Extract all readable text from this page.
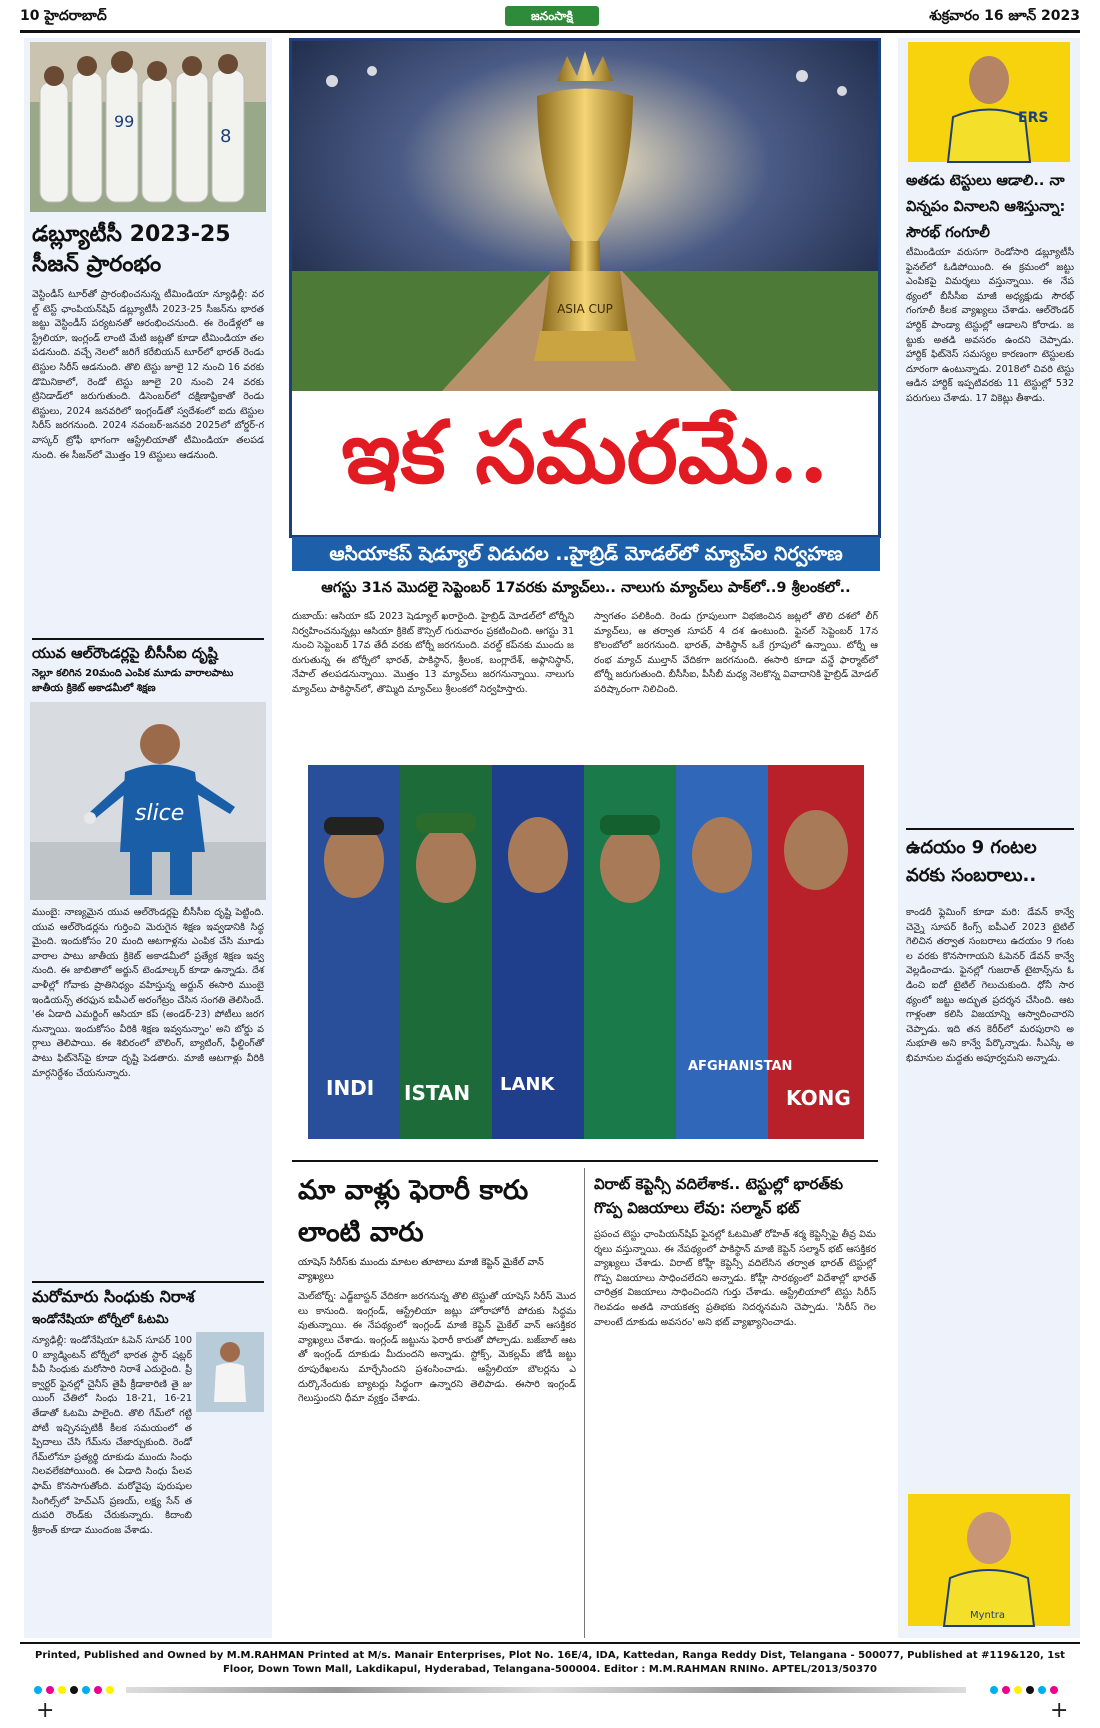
10 హైదరాబాద్	జనంసాక్షి	శుక్రవారం 16 జూన్ 2023
99
8
డబ్ల్యూటీసీ 2023-25 సీజన్ ప్రారంభం
వెస్టిండీస్ టూర్‌తో ప్రారంభించనున్న టీమిండియా న్యూఢిల్లీ: వరల్డ్ టెస్ట్ ఛాంపియన్‌షిప్ డబ్ల్యూటీసీ 2023-25 సీజన్‌ను భారత జట్టు వెస్టిండీస్ పర్యటనతో ఆరంభించనుంది. ఈ రెండేళ్లలో ఆస్ట్రేలియా, ఇంగ్లండ్ లాంటి మేటి జట్లతో కూడా టీమిండియా తలపడనుంది. వచ్చే నెలలో జరిగే కరేబియన్ టూర్‌లో భారత్ రెండు టెస్టుల సిరీస్ ఆడనుంది. తొలి టెస్టు జూలై 12 నుంచి 16 వరకు డొమినికాలో, రెండో టెస్టు జూలై 20 నుంచి 24 వరకు ట్రినిడాడ్‌లో జరుగుతుంది. డిసెంబర్‌లో దక్షిణాఫ్రికాతో రెండు టెస్టులు, 2024 జనవరిలో ఇంగ్లండ్‌తో స్వదేశంలో ఐదు టెస్టుల సిరీస్ జరగనుంది. 2024 నవంబర్-జనవరి 2025లో బోర్డర్-గవాస్కర్ ట్రోఫీ భాగంగా ఆస్ట్రేలియాతో టీమిండియా తలపడనుంది. ఈ సీజన్‌లో మొత్తం 19 టెస్టులు ఆడనుంది.
యువ ఆల్‌రౌండర్లపై బీసీసీఐ దృష్టి
నెల్లూ కలిగిన 20మంది ఎంపిక మూడు వారాలపాటు జాతీయ క్రికెట్ అకాడమీలో శిక్షణ
slice
ముంబై: నాణ్యమైన యువ ఆల్‌రౌండర్లపై బీసీసీఐ దృష్టి పెట్టింది. యువ ఆల్‌రౌండర్లను గుర్తించి మెరుగైన శిక్షణ ఇవ్వడానికి సిద్ధమైంది. ఇందుకోసం 20 మంది ఆటగాళ్లను ఎంపిక చేసి మూడు వారాల పాటు జాతీయ క్రికెట్ అకాడమీలో ప్రత్యేక శిక్షణ ఇవ్వనుంది. ఈ జాబితాలో అర్జున్ టెండూల్కర్ కూడా ఉన్నాడు. దేశవాళీల్లో గోవాకు ప్రాతినిధ్యం వహిస్తున్న అర్జున్ ఈసారి ముంబై ఇండియన్స్ తరఫున ఐపీఎల్ అరంగేట్రం చేసిన సంగతి తెలిసిందే. 'ఈ ఏడాది ఎమర్జింగ్ ఆసియా కప్ (అండర్-23) పోటీలు జరగనున్నాయి. ఇందుకోసం వీరికి శిక్షణ ఇవ్వనున్నాం' అని బోర్డు వర్గాలు తెలిపాయి. ఈ శిబిరంలో బౌలింగ్, బ్యాటింగ్, ఫీల్డింగ్‌తో పాటు ఫిట్‌నెస్‌పై కూడా దృష్టి పెడతారు. మాజీ ఆటగాళ్లు వీరికి మార్గనిర్దేశం చేయనున్నారు.
మరోమారు సింధుకు నిరాశ
ఇండోనేషియా టోర్నీలో ఓటమి
న్యూఢిల్లీ: ఇండోనేషియా ఓపెన్ సూపర్ 1000 బ్యాడ్మింటన్ టోర్నీలో భారత స్టార్ షట్లర్ పీవీ సింధుకు మరోసారి నిరాశే ఎదురైంది. ప్రీ క్వార్టర్ ఫైనల్లో చైనీస్ తైపీ క్రీడాకారిణి తై జు యింగ్ చేతిలో సింధు 18-21, 16-21 తేడాతో ఓటమి పాలైంది. తొలి గేమ్‌లో గట్టి పోటీ ఇచ్చినప్పటికీ కీలక సమయంలో తప్పిదాలు చేసి గేమ్‌ను చేజార్చుకుంది. రెండో గేమ్‌లోనూ ప్రత్యర్థి దూకుడు ముందు సింధు నిలవలేకపోయింది. ఈ ఏడాది సింధు పేలవ ఫామ్ కొనసాగుతోంది. మరోవైపు పురుషుల సింగిల్స్‌లో హెచ్‌ఎస్ ప్రణయ్, లక్ష్య సేన్ తదుపరి రౌండ్‌కు చేరుకున్నారు. కిదాంబి శ్రీకాంత్ కూడా ముందంజ వేశాడు.
ASIA CUP
ఇక సమరమే..
ఆసియాకప్ షెడ్యూల్ విడుదల ..హైబ్రిడ్ మోడల్‌లో మ్యాచ్‌ల నిర్వహణ
ఆగస్టు 31న మొదలై సెప్టెంబర్ 17వరకు మ్యాచ్‌లు.. నాలుగు మ్యాచ్‌లు పాక్‌లో..9 శ్రీలంకలో..
దుబాయ్: ఆసియా కప్ 2023 షెడ్యూల్ ఖరారైంది. హైబ్రిడ్ మోడల్‌లో టోర్నీని నిర్వహించనున్నట్లు ఆసియా క్రికెట్ కౌన్సిల్ గురువారం ప్రకటించింది. ఆగస్టు 31 నుంచి సెప్టెంబర్ 17వ తేదీ వరకు టోర్నీ జరగనుంది. వరల్డ్ కప్‌నకు ముందు జరుగుతున్న ఈ టోర్నీలో భారత్, పాకిస్థాన్, శ్రీలంక, బంగ్లాదేశ్, అఫ్గానిస్థాన్, నేపాల్ తలపడనున్నాయి. మొత్తం 13 మ్యాచ్‌లు జరగనున్నాయి. నాలుగు మ్యాచ్‌లు పాకిస్థాన్‌లో, తొమ్మిది మ్యాచ్‌లు శ్రీలంకలో నిర్వహిస్తారు.
స్వాగతం పలికింది. రెండు గ్రూపులుగా విభజించిన జట్లలో తొలి దశలో లీగ్ మ్యాచ్‌లు, ఆ తర్వాత సూపర్ 4 దశ ఉంటుంది. ఫైనల్ సెప్టెంబర్ 17న కొలంబోలో జరగనుంది. భారత్, పాకిస్థాన్ ఒకే గ్రూపులో ఉన్నాయి. టోర్నీ ఆరంభ మ్యాచ్ ముల్తాన్ వేదికగా జరగనుంది. ఈసారి కూడా వన్డే ఫార్మాట్‌లో టోర్నీ జరుగుతుంది. బీసీసీఐ, పీసీబీ మధ్య నెలకొన్న వివాదానికి హైబ్రిడ్ మోడల్ పరిష్కారంగా నిలిచింది.
INDI ISTAN LANK
AFGHANISTAN
KONG
మా వాళ్లు ఫెరారీ కారు లాంటి వారు
యాషెస్ సిరీస్‌కు ముందు మాటల తూటాలు మాజీ కెప్టెన్ మైకేల్ వాన్ వ్యాఖ్యలు
మెల్‌బోర్న్: ఎడ్జ్‌బాస్టన్ వేదికగా జరగనున్న తొలి టెస్టుతో యాషెస్ సిరీస్ మొదలు కానుంది. ఇంగ్లండ్, ఆస్ట్రేలియా జట్లు హోరాహోరీ పోరుకు సిద్ధమవుతున్నాయి. ఈ నేపథ్యంలో ఇంగ్లండ్ మాజీ కెప్టెన్ మైకేల్ వాన్ ఆసక్తికర వ్యాఖ్యలు చేశాడు. ఇంగ్లండ్ జట్టును ఫెరారీ కారుతో పోల్చాడు. బజ్‌బాల్ ఆటతో ఇంగ్లండ్ దూకుడు మీదుందని అన్నాడు. స్టోక్స్, మెకల్లమ్ జోడీ జట్టు రూపురేఖలను మార్చేసిందని ప్రశంసించాడు. ఆస్ట్రేలియా బౌలర్లను ఎదుర్కొనేందుకు బ్యాటర్లు సిద్ధంగా ఉన్నారని తెలిపాడు. ఈసారి ఇంగ్లండ్ గెలుస్తుందని ధీమా వ్యక్తం చేశాడు.
విరాట్ కెప్టెన్సీ వదిలేశాక.. టెస్టుల్లో భారత్‌కు గొప్ప విజయాలు లేవు: సల్మాన్ భట్
ప్రపంచ టెస్టు ఛాంపియన్‌షిప్ ఫైనల్లో ఓటమితో రోహిత్ శర్మ కెప్టెన్సీపై తీవ్ర విమర్శలు వస్తున్నాయి. ఈ నేపథ్యంలో పాకిస్థాన్ మాజీ కెప్టెన్ సల్మాన్ భట్ ఆసక్తికర వ్యాఖ్యలు చేశాడు. విరాట్ కోహ్లీ కెప్టెన్సీ వదిలేసిన తర్వాత భారత్ టెస్టుల్లో గొప్ప విజయాలు సాధించలేదని అన్నాడు. కోహ్లీ సారథ్యంలో విదేశాల్లో భారత్ చారిత్రక విజయాలు సాధించిందని గుర్తు చేశాడు. ఆస్ట్రేలియాలో టెస్టు సిరీస్ గెలవడం అతడి నాయకత్వ ప్రతిభకు నిదర్శనమని చెప్పాడు. 'సిరీస్ గెలవాలంటే దూకుడు అవసరం' అని భట్ వ్యాఖ్యానించాడు.
ERS
అతడు టెస్టులు ఆడాలి.. నా విన్నపం వినాలని ఆశిస్తున్నా: సౌరభ్ గంగూలీ
టీమిండియా వరుసగా రెండోసారి డబ్ల్యూటీసీ ఫైనల్‌లో ఓడిపోయింది. ఈ క్రమంలో జట్టు ఎంపికపై విమర్శలు వస్తున్నాయి. ఈ నేపథ్యంలో బీసీసీఐ మాజీ అధ్యక్షుడు సౌరభ్ గంగూలీ కీలక వ్యాఖ్యలు చేశాడు. ఆల్‌రౌండర్ హార్దిక్ పాండ్యా టెస్టుల్లో ఆడాలని కోరాడు. జట్టుకు అతడి అవసరం ఉందని చెప్పాడు. హార్దిక్ ఫిట్‌నెస్ సమస్యల కారణంగా టెస్టులకు దూరంగా ఉంటున్నాడు. 2018లో చివరి టెస్టు ఆడిన హార్దిక్ ఇప్పటివరకు 11 టెస్టుల్లో 532 పరుగులు చేశాడు. 17 వికెట్లు తీశాడు.
ఉదయం 9 గంటల వరకు సంబరాలు..
కాండరీ ఫ్లెమింగ్ కూడా మరి: డేవన్ కాన్వే చెన్నై సూపర్ కింగ్స్ ఐపీఎల్ 2023 టైటిల్ గెలిచిన తర్వాత సంబరాలు ఉదయం 9 గంటల వరకు కొనసాగాయని ఓపెనర్ డేవన్ కాన్వే వెల్లడించాడు. ఫైనల్లో గుజరాత్ టైటాన్స్‌ను ఓడించి ఐదో టైటిల్ గెలుచుకుంది. ధోనీ సారథ్యంలో జట్టు అద్భుత ప్రదర్శన చేసింది. ఆటగాళ్లంతా కలిసి విజయాన్ని ఆస్వాదించారని చెప్పాడు. ఇది తన కెరీర్‌లో మరపురాని అనుభూతి అని కాన్వే పేర్కొన్నాడు. సీఎస్కే అభిమానుల మద్దతు అపూర్వమని అన్నాడు.
Myntra
Printed, Published and Owned by M.M.RAHMAN Printed at M/s. Manair Enterprises, Plot No. 16E/4, IDA, Kattedan, Ranga Reddy Dist, Telangana - 500077, Published at #119&120, 1st Floor, Down Town Mall, Lakdikapul, Hyderabad, Telangana-500004. Editor : M.M.RAHMAN RNINo. APTEL/2013/50370
+	+
